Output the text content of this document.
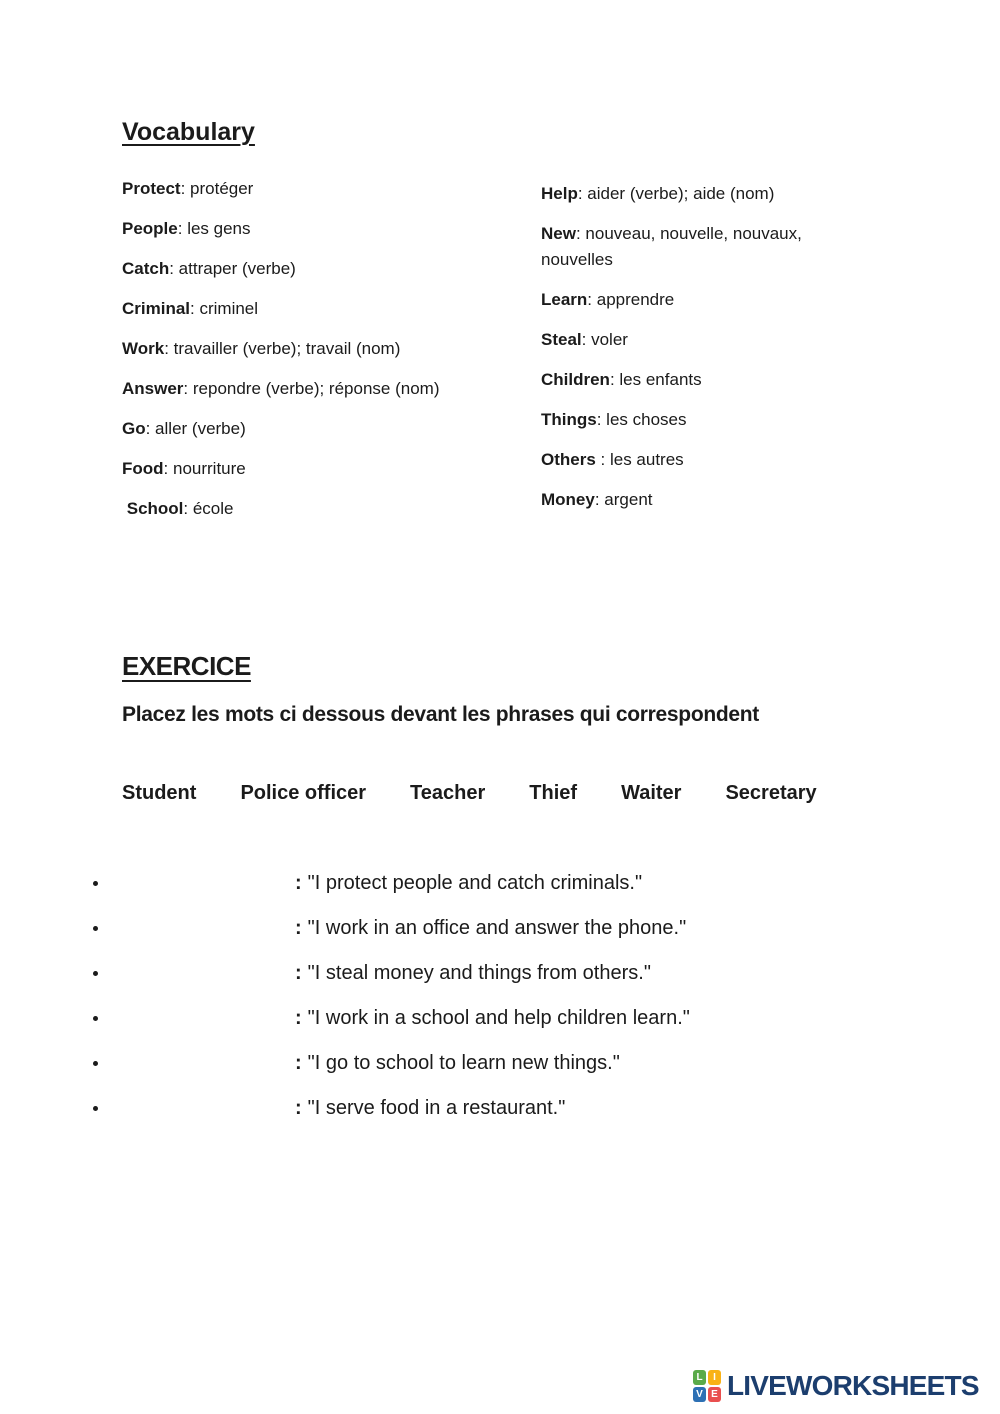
Vocabulary

Protect: protéger

People: les gens

Catch: attraper (verbe)

Criminal: criminel

Work: travailler (verbe); travail (nom)

Answer: repondre (verbe); réponse (nom)

Go: aller (verbe)

Food: nourriture

School: école

Help: aider (verbe); aide (nom)

New: nouveau, nouvelle, nouvaux, nouvelles

Learn: apprendre

Steal: voler

Children: les enfants

Things: les choses

Others : les autres

Money: argent

EXERCICE

Placez les mots ci dessous devant les phrases qui correspondent

Student Police officer Teacher Thief Waiter Secretary
: "I protect people and catch criminals."
: "I work in an office and answer the phone."
: "I steal money and things from others."
: "I work in a school and help children learn."
: "I go to school to learn new things."
: "I serve food in a restaurant."
L	I
V E LIVEWORKSHEETS
